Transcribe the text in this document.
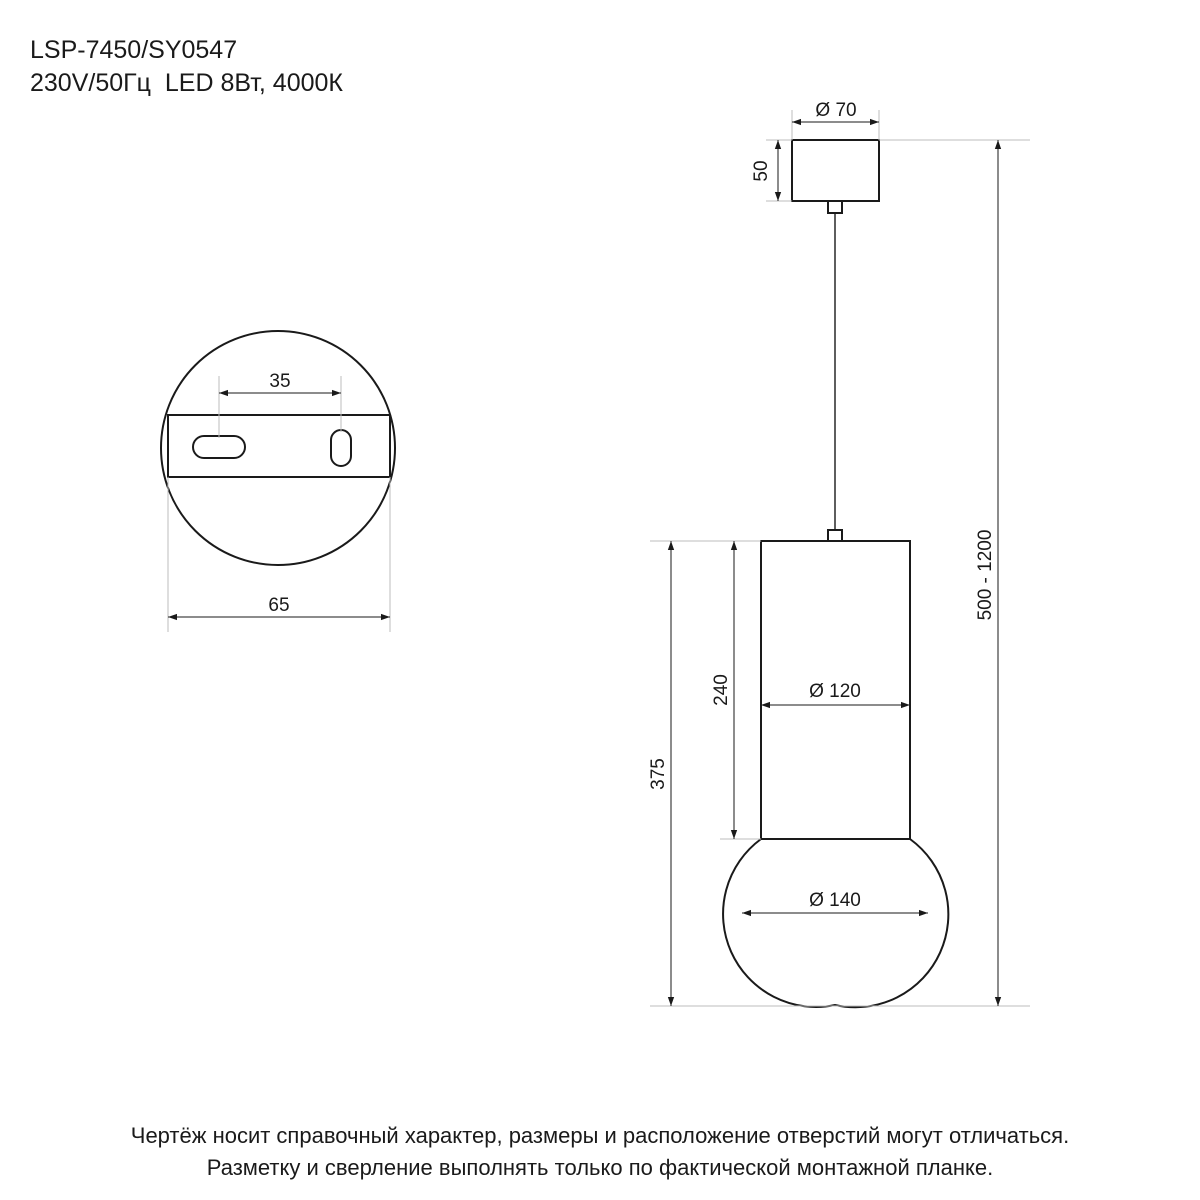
LSP-7450/SY0547
230V/50Гц  LED 8Вт, 4000К
35
65
Ø 70
50
500 - 1200
375
240	Ø 120
Ø 140
Чертёж носит справочный характер, размеры и расположение отверстий могут отличаться.
Разметку и сверление выполнять только по фактической монтажной планке.
